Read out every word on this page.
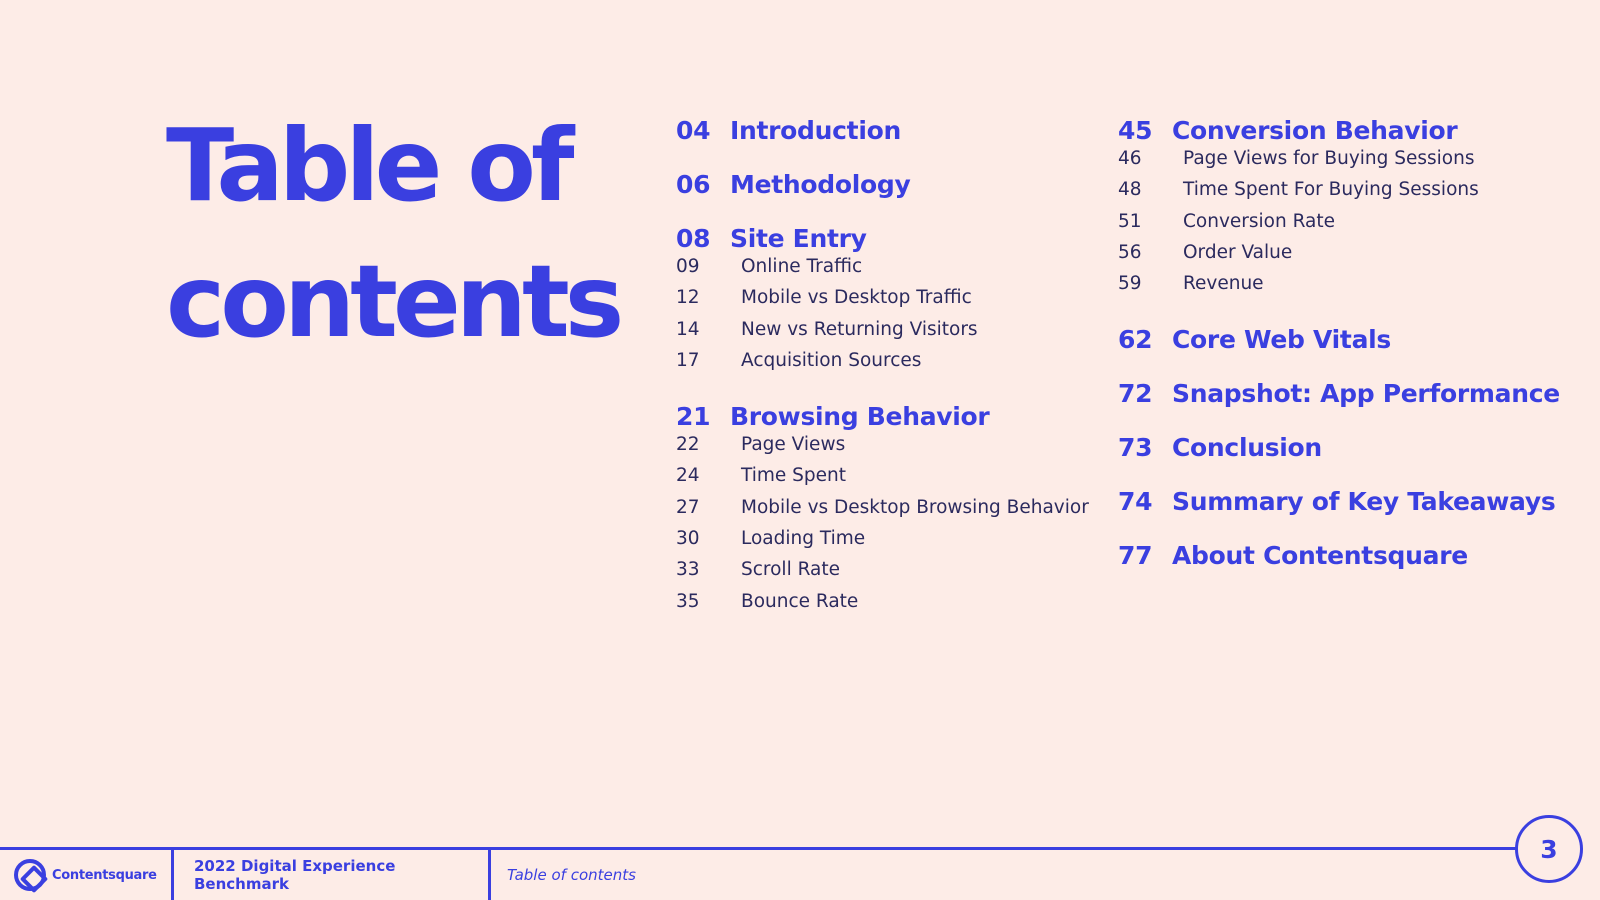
Table of contents
04 Introduction
06 Methodology
08 Site Entry
09	Online Traffic
12	Mobile vs Desktop Traffic
14	New vs Returning Visitors
17	Acquisition Sources
21 Browsing Behavior
22	Page Views
24	Time Spent
27	Mobile vs Desktop Browsing Behavior
30	Loading Time
33	Scroll Rate
35	Bounce Rate
45 Conversion Behavior
46	Page Views for Buying Sessions
48	Time Spent For Buying Sessions
51	Conversion Rate
56	Order Value
59	Revenue
62 Core Web Vitals
72 Snapshot: App Performance
73 Conclusion
74 Summary of Key Takeaways
77 About Contentsquare
Contentsquare	2022 Digital Experience Benchmark	Table of contents
3
